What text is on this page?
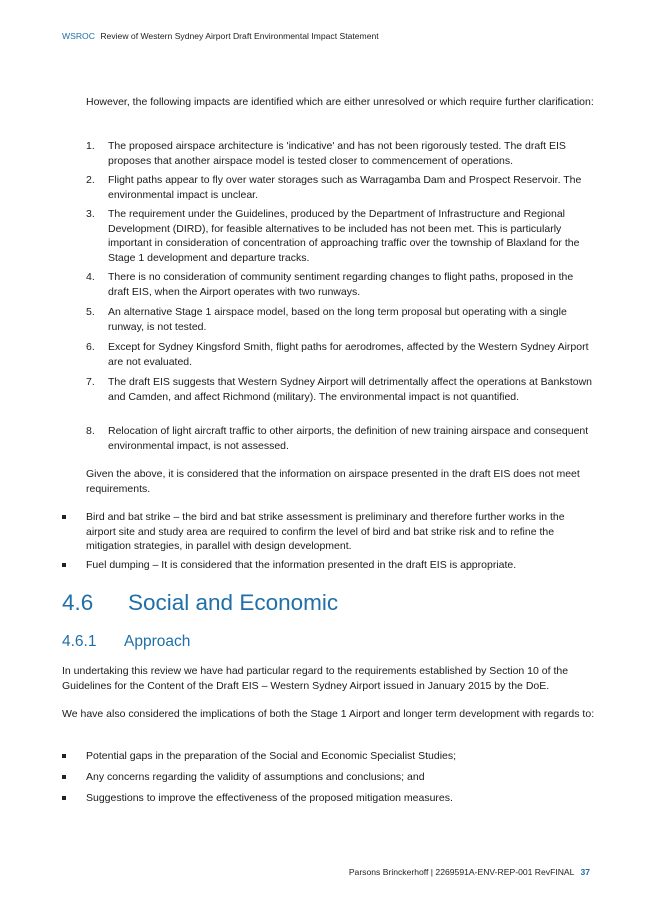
WSROC Review of Western Sydney Airport Draft Environmental Impact Statement
However, the following impacts are identified which are either unresolved or which require further clarification:
1. The proposed airspace architecture is 'indicative' and has not been rigorously tested. The draft EIS proposes that another airspace model is tested closer to commencement of operations.
2. Flight paths appear to fly over water storages such as Warragamba Dam and Prospect Reservoir. The environmental impact is unclear.
3. The requirement under the Guidelines, produced by the Department of Infrastructure and Regional Development (DIRD), for feasible alternatives to be included has not been met. This is particularly important in consideration of concentration of approaching traffic over the township of Blaxland for the Stage 1 development and departure tracks.
4. There is no consideration of community sentiment regarding changes to flight paths, proposed in the draft EIS, when the Airport operates with two runways.
5. An alternative Stage 1 airspace model, based on the long term proposal but operating with a single runway, is not tested.
6. Except for Sydney Kingsford Smith, flight paths for aerodromes, affected by the Western Sydney Airport are not evaluated.
7. The draft EIS suggests that Western Sydney Airport will detrimentally affect the operations at Bankstown and Camden, and affect Richmond (military). The environmental impact is not quantified.
8. Relocation of light aircraft traffic to other airports, the definition of new training airspace and consequent environmental impact, is not assessed.
Given the above, it is considered that the information on airspace presented in the draft EIS does not meet requirements.
Bird and bat strike – the bird and bat strike assessment is preliminary and therefore further works in the airport site and study area are required to confirm the level of bird and bat strike risk and to refine the mitigation strategies, in parallel with design development.
Fuel dumping – It is considered that the information presented in the draft EIS is appropriate.
4.6 Social and Economic
4.6.1 Approach
In undertaking this review we have had particular regard to the requirements established by Section 10 of the Guidelines for the Content of the Draft EIS – Western Sydney Airport issued in January 2015 by the DoE.
We have also considered the implications of both the Stage 1 Airport and longer term development with regards to:
Potential gaps in the preparation of the Social and Economic Specialist Studies;
Any concerns regarding the validity of assumptions and conclusions; and
Suggestions to improve the effectiveness of the proposed mitigation measures.
Parsons Brinckerhoff | 2269591A-ENV-REP-001 RevFINAL 37
